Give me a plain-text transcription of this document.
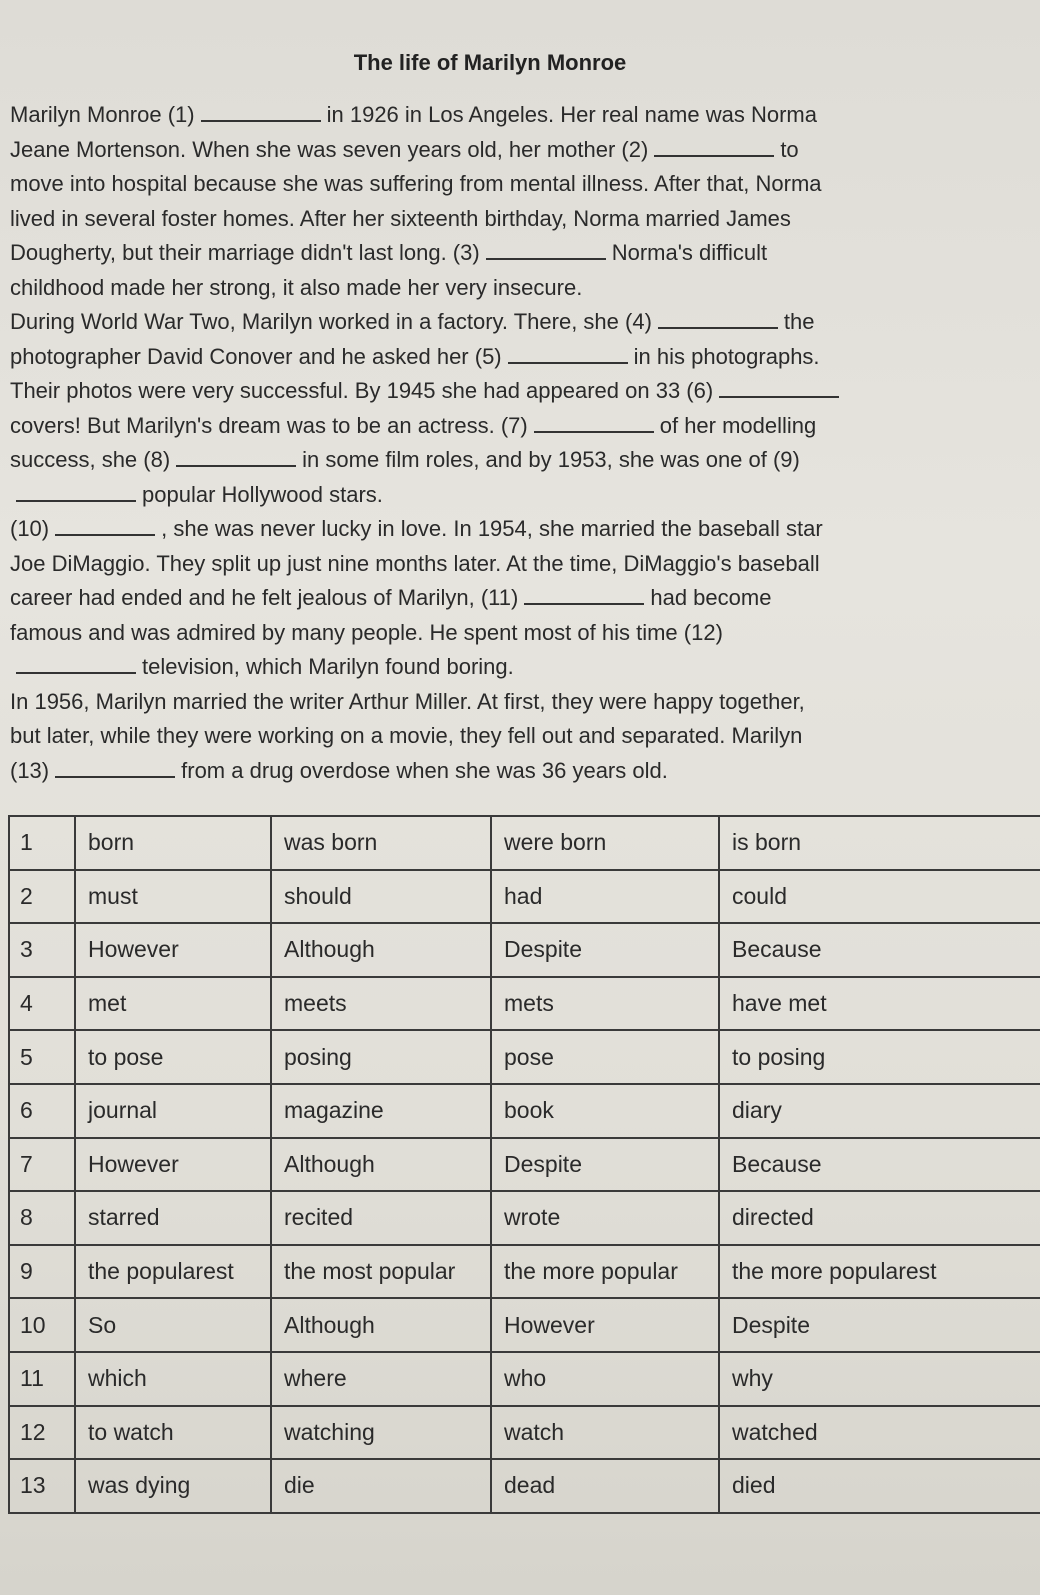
The life of Marilyn Monroe
Marilyn Monroe (1)	in 1926 in Los Angeles. Her real name was Norma
Jeane Mortenson. When she was seven years old, her mother (2)	to
move into hospital because she was suffering from mental illness. After that, Norma
lived in several foster homes. After her sixteenth birthday, Norma married James
Dougherty, but their marriage didn't last long. (3)	Norma's difficult
childhood made her strong, it also made her very insecure.
During World War Two, Marilyn worked in a factory. There, she (4)	the
photographer David Conover and he asked her (5)	in his photographs.
Their photos were very successful. By 1945 she had appeared on 33 (6)
covers! But Marilyn's dream was to be an actress. (7)	of her modelling
success, she (8)	in some film roles, and by 1953, she was one of (9)
popular Hollywood stars.
(10)	, she was never lucky in love. In 1954, she married the baseball star
Joe DiMaggio. They split up just nine months later. At the time, DiMaggio's baseball
career had ended and he felt jealous of Marilyn, (11)	had become
famous and was admired by many people. He spent most of his time (12)
television, which Marilyn found boring.
In 1956, Marilyn married the writer Arthur Miller. At first, they were happy together,
but later, while they were working on a movie, they fell out and separated. Marilyn
(13)	from a drug overdose when she was 36 years old.
1	born	was born	were born	is born
2	must	should	had	could
3	However	Although	Despite	Because
4	met	meets	mets	have met
5	to pose	posing	pose	to posing
6	journal	magazine	book	diary
7	However	Although	Despite	Because
8	starred	recited	wrote	directed
9	the popularest	the most popular	the more popular	the more popularest
10	So	Although	However	Despite
11	which	where	who	why
12	to watch	watching	watch	watched
13	was dying	die	dead	died
